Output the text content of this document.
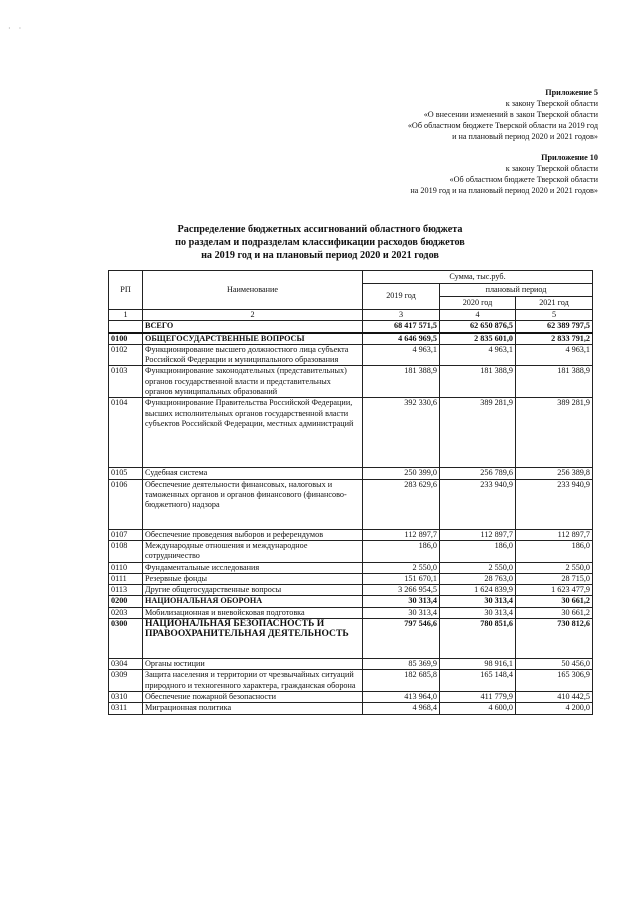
· ·
Приложение 5
к закону Тверской области
«О внесении изменений в закон Тверской области
«Об областном бюджете Тверской области на 2019 год
и на плановый период 2020 и 2021 годов»
Приложение 10
к закону Тверской области
«Об областном бюджете Тверской области
на 2019 год и на плановый период 2020 и 2021 годов»
Распределение бюджетных ассигнований областного бюджета
по разделам и подразделам классификации расходов бюджетов
на 2019 год и на плановый период 2020 и 2021 годов
РП	Наименование	Сумма, тыс.руб.		
		2019 год	плановый период	
			2020 год	2021 год
1	2	3	4	5
	ВСЕГО	68 417 571,5	62 650 876,5	62 389 797,5
0100	ОБЩЕГОСУДАРСТВЕННЫЕ ВОПРОСЫ	4 646 969,5	2 835 601,0	2 833 791,2
0102	Функционирование высшего должностного лица субъекта Российской Федерации и муниципального образования	4 963,1	4 963,1	4 963,1
0103	Функционирование законодательных (представительных) органов государственной власти и представительных органов муниципальных образований	181 388,9	181 388,9	181 388,9
0104	Функционирование Правительства Российской Федерации, высших исполнительных органов государственной власти субъектов Российской Федерации, местных администраций	392 330,6	389 281,9	389 281,9
0105	Судебная система	250 399,0	256 789,6	256 389,8
0106	Обеспечение деятельности финансовых, налоговых и таможенных органов и органов финансового (финансово-бюджетного) надзора	283 629,6	233 940,9	233 940,9
0107	Обеспечение проведения выборов и референдумов	112 897,7	112 897,7	112 897,7
0108	Международные отношения и международное сотрудничество	186,0	186,0	186,0
0110	Фундаментальные исследования	2 550,0	2 550,0	2 550,0
0111	Резервные фонды	151 670,1	28 763,0	28 715,0
0113	Другие общегосударственные вопросы	3 266 954,5	1 624 839,9	1 623 477,9
0200	НАЦИОНАЛЬНАЯ ОБОРОНА	30 313,4	30 313,4	30 661,2
0203	Мобилизационная и вневойсковая подготовка	30 313,4	30 313,4	30 661,2
0300	НАЦИОНАЛЬНАЯ БЕЗОПАСНОСТЬ И ПРАВООХРАНИТЕЛЬНАЯ ДЕЯТЕЛЬНОСТЬ	797 546,6	780 851,6	730 812,6
0304	Органы юстиции	85 369,9	98 916,1	50 456,0
0309	Защита населения и территории от чрезвычайных ситуаций природного и техногенного характера, гражданская оборона	182 685,8	165 148,4	165 306,9
0310	Обеспечение пожарной безопасности	413 964,0	411 779,9	410 442,5
0311	Миграционная политика	4 968,4	4 600,0	4 200,0
